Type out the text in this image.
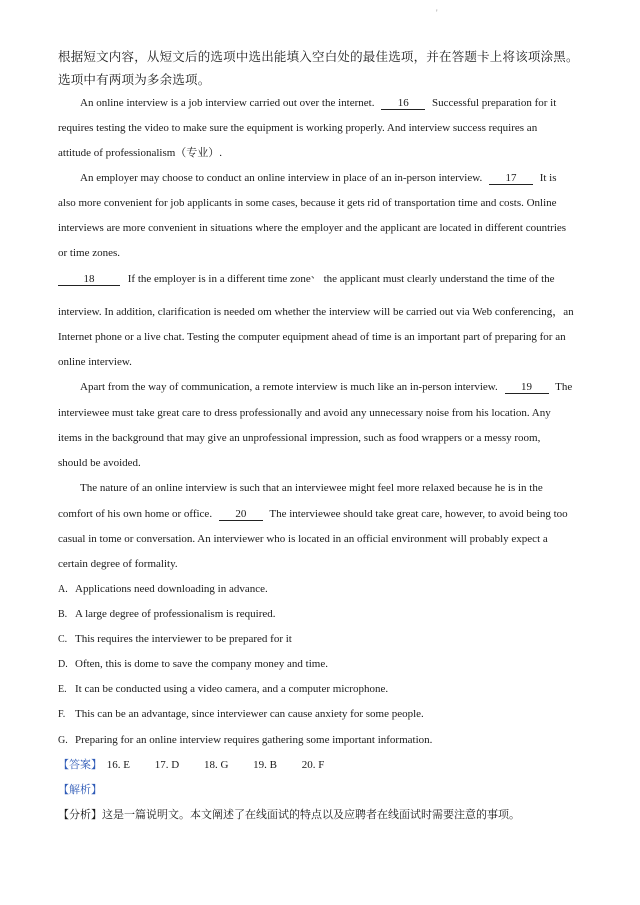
'
根据短文内容，从短文后的选项中选出能填入空白处的最佳选项，并在答题卡上将该项涂黑。
选项中有两项为多余选项。
An online interview is a job interview carried out over the internet. 16 Successful preparation for it
requires testing the video to make sure the equipment is working properly. And interview success requires an
attitude of professionalism（专业）.
An employer may choose to conduct an online interview in place of an in-person interview. 17 It is
also more convenient for job applicants in some cases, because it gets rid of transportation time and costs. Online
interviews are more convenient in situations where the employer and the applicant are located in different countries
or time zones.
18	If the employer is in a different time zone、 the applicant must clearly understand the time of the
interview. In addition, clarification is needed om whether the interview will be carried out via Web conferencing，an
Internet phone or a live chat. Testing the computer equipment ahead of time is an important part of preparing for an
online interview.
Apart from the way of communication, a remote interview is much like an in-person interview. 19 The
interviewee must take great care to dress professionally and avoid any unnecessary noise from his location. Any
items in the background that may give an unprofessional impression, such as food wrappers or a messy room,
should be avoided.
The nature of an online interview is such that an interviewee might feel more relaxed because he is in the
comfort of his own home or office. 20 The interviewee should take great care, however, to avoid being too
casual in tome or conversation. An interviewer who is located in an official environment will probably expect a
certain degree of formality.
A. Applications need downloading in advance.
B. A large degree of professionalism is required.
C. This requires the interviewer to be prepared for it
D. Often, this is dome to save the company money and time.
E. It can be conducted using a video camera, and a computer microphone.
F. This can be an advantage, since interviewer can cause anxiety for some people.
G. Preparing for an online interview requires gathering some important information.
【答案】 16. E 17. D 18. G 19. B 20. F
【解析】
【分析】这是一篇说明文。本文阐述了在线面试的特点以及应聘者在线面试时需要注意的事项。
